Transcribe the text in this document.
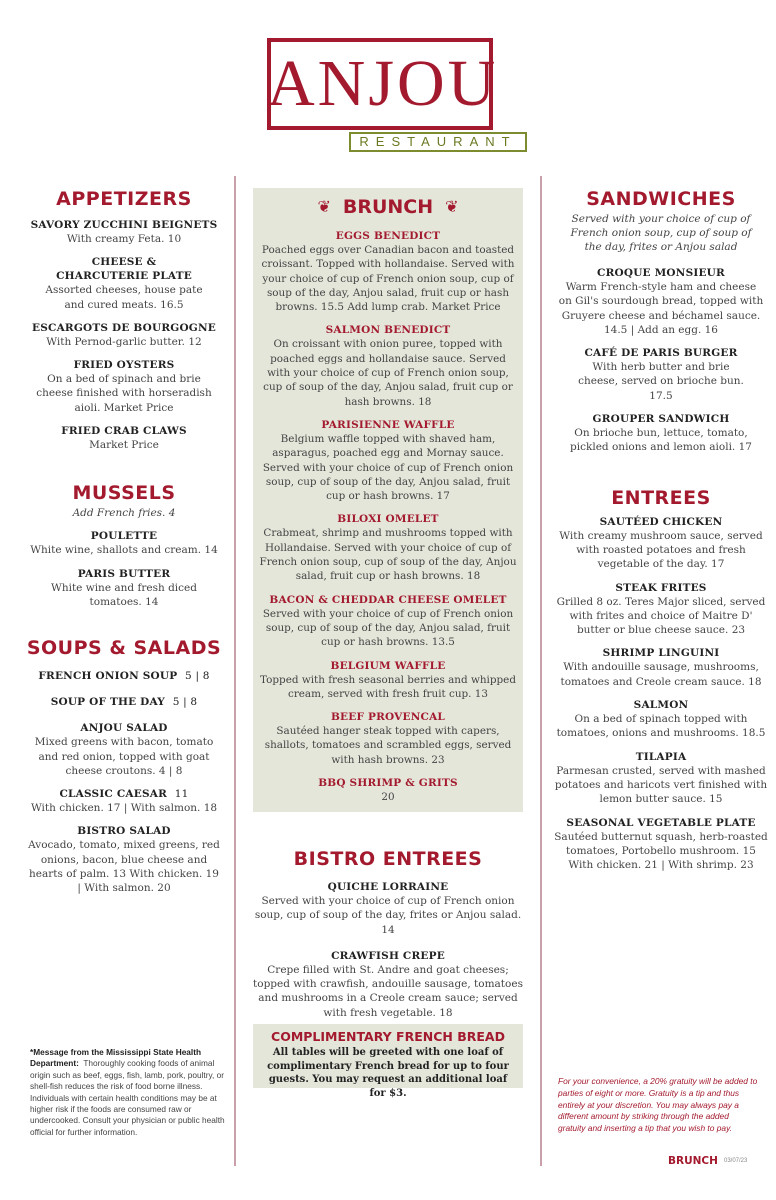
ANJOU
RESTAURANT
APPETIZERS
SAVORY ZUCCHINI BEIGNETS
With creamy Feta. 10
CHEESE & CHARCUTERIE PLATE
Assorted cheeses, house pate and cured meats. 16.5
ESCARGOTS DE BOURGOGNE
With Pernod-garlic butter. 12
FRIED OYSTERS
On a bed of spinach and brie cheese finished with horseradish aioli. Market Price
FRIED CRAB CLAWS
Market Price
MUSSELS
Add French fries. 4
POULETTE
White wine, shallots and cream. 14
PARIS BUTTER
White wine and fresh diced tomatoes. 14
SOUPS & SALADS
FRENCH ONION SOUP 5 | 8
SOUP OF THE DAY 5 | 8
ANJOU SALAD
Mixed greens with bacon, tomato and red onion, topped with goat cheese croutons. 4 | 8
CLASSIC CAESAR 11
With chicken. 17 | With salmon. 18
BISTRO SALAD
Avocado, tomato, mixed greens, red onions, bacon, blue cheese and hearts of palm. 13 With chicken. 19 | With salmon. 20
❦ BRUNCH ❦
EGGS BENEDICT
Poached eggs over Canadian bacon and toasted croissant. Topped with hollandaise. Served with your choice of cup of French onion soup, cup of soup of the day, Anjou salad, fruit cup or hash browns. 15.5 Add lump crab. Market Price
SALMON BENEDICT
On croissant with onion puree, topped with poached eggs and hollandaise sauce. Served with your choice of cup of French onion soup, cup of soup of the day, Anjou salad, fruit cup or hash browns. 18
PARISIENNE WAFFLE
Belgium waffle topped with shaved ham, asparagus, poached egg and Mornay sauce. Served with your choice of cup of French onion soup, cup of soup of the day, Anjou salad, fruit cup or hash browns. 17
BILOXI OMELET
Crabmeat, shrimp and mushrooms topped with Hollandaise. Served with your choice of cup of French onion soup, cup of soup of the day, Anjou salad, fruit cup or hash browns. 18
BACON & CHEDDAR CHEESE OMELET
Served with your choice of cup of French onion soup, cup of soup of the day, Anjou salad, fruit cup or hash browns. 13.5
BELGIUM WAFFLE
Topped with fresh seasonal berries and whipped cream, served with fresh fruit cup. 13
BEEF PROVENCAL
Sautéed hanger steak topped with capers, shallots, tomatoes and scrambled eggs, served with hash browns. 23
BBQ SHRIMP & GRITS
20
BISTRO ENTREES
QUICHE LORRAINE
Served with your choice of cup of French onion soup, cup of soup of the day, frites or Anjou salad. 14
CRAWFISH CREPE
Crepe filled with St. Andre and goat cheeses; topped with crawfish, andouille sausage, tomatoes and mushrooms in a Creole cream sauce; served with fresh vegetable. 18
COMPLIMENTARY FRENCH BREAD
All tables will be greeted with one loaf of complimentary French bread for up to four guests. You may request an additional loaf for $3.
SANDWICHES
Served with your choice of cup of French onion soup, cup of soup of the day, frites or Anjou salad
CROQUE MONSIEUR
Warm French-style ham and cheese on Gil's sourdough bread, topped with Gruyere cheese and béchamel sauce. 14.5 | Add an egg. 16
CAFÉ DE PARIS BURGER
With herb butter and brie cheese, served on brioche bun. 17.5
GROUPER SANDWICH
On brioche bun, lettuce, tomato, pickled onions and lemon aioli. 17
ENTREES
SAUTÉED CHICKEN
With creamy mushroom sauce, served with roasted potatoes and fresh vegetable of the day. 17
STEAK FRITES
Grilled 8 oz. Teres Major sliced, served with frites and choice of Maitre D' butter or blue cheese sauce. 23
SHRIMP LINGUINI
With andouille sausage, mushrooms, tomatoes and Creole cream sauce. 18
SALMON
On a bed of spinach topped with tomatoes, onions and mushrooms. 18.5
TILAPIA
Parmesan crusted, served with mashed potatoes and haricots vert finished with lemon butter sauce. 15
SEASONAL VEGETABLE PLATE
Sautéed butternut squash, herb-roasted tomatoes, Portobello mushroom. 15 With chicken. 21 | With shrimp. 23
*Message from the Mississippi State Health Department: Thoroughly cooking foods of animal origin such as beef, eggs, fish, lamb, pork, poultry, or shell-fish reduces the risk of food borne illness. Individuals with certain health conditions may be at higher risk if the foods are consumed raw or undercooked. Consult your physician or public health official for further information.
For your convenience, a 20% gratuity will be added to parties of eight or more. Gratuity is a tip and thus entirely at your discretion. You may always pay a different amount by striking through the added gratuity and inserting a tip that you wish to pay.
BRUNCH 03/07/23
